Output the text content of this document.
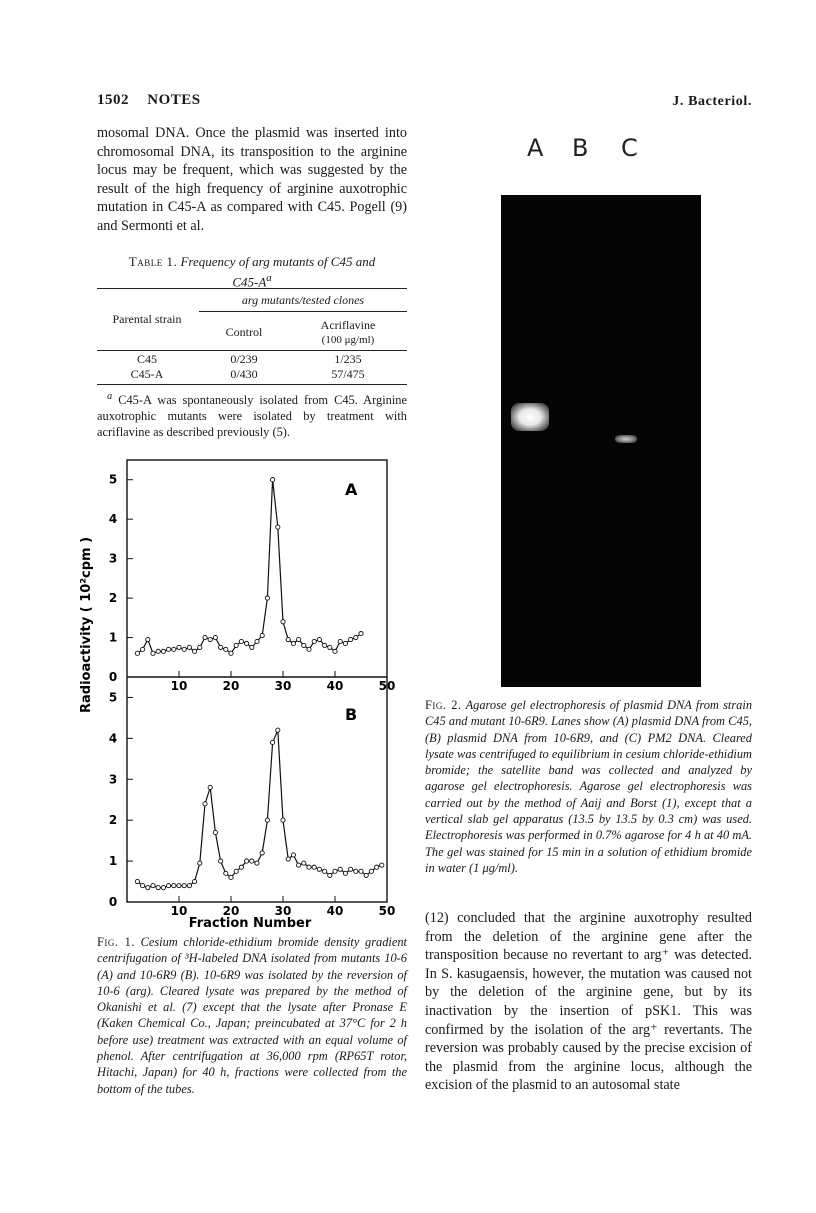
1502 NOTES	J. Bacteriol.

mosomal DNA. Once the plasmid was inserted into chromosomal DNA, its transposition to the arginine locus may be frequent, which was suggested by the result of the high frequency of arginine auxotrophic mutation in C45-A as compared with C45. Pogell (9) and Sermonti et al.

Table 1. Frequency of arg mutants of C45 and
$C45-A^a$
arg mutants/tested clones
Parental strain
Control	Acriflavine
(100 μg/ml)
C45	0/239	1/235
C45-A	0/430	57/475
$^a$ C45-A was spontaneously isolated from C45. Arginine auxotrophic mutants were isolated by treatment with acriflavine as described previously (5).
0
1
2
3
4
5
10	20	30	40	50
0
1
2
3
4
5
10	20	30	40	50
A
B
Radioactivity ( 10²cpm )
Fraction Number
Fig. 1. Cesium chloride-ethidium bromide density gradient centrifugation of ³H-labeled DNA isolated from mutants 10-6 (A) and 10-6R9 (B). 10-6R9 was isolated by the reversion of 10-6 (arg). Cleared lysate was prepared by the method of Okanishi et al. (7) except that the lysate after Pronase E (Kaken Chemical Co., Japan; preincubated at 37°C for 2 h before use) treatment was extracted with an equal volume of phenol. After centrifugation at 36,000 rpm (RP65T rotor, Hitachi, Japan) for 40 h, fractions were collected from the bottom of the tubes.
A B C
Fig. 2. Agarose gel electrophoresis of plasmid DNA from strain C45 and mutant 10-6R9. Lanes show (A) plasmid DNA from C45, (B) plasmid DNA from 10-6R9, and (C) PM2 DNA. Cleared lysate was centrifuged to equilibrium in cesium chloride-ethidium bromide; the satellite band was collected and analyzed by agarose gel electrophoresis. Agarose gel electrophoresis was carried out by the method of Aaij and Borst (1), except that a vertical slab gel apparatus (13.5 by 13.5 by 0.3 cm) was used. Electrophoresis was performed in 0.7% agarose for 4 h at 40 mA. The gel was stained for 15 min in a solution of ethidium bromide in water (1 μg/ml).

(12) concluded that the arginine auxotrophy resulted from the deletion of the arginine gene after the transposition because no revertant to arg⁺ was detected. In S. kasugaensis, however, the mutation was caused not by the deletion of the arginine gene, but by its inactivation by the insertion of pSK1. This was confirmed by the isolation of the arg⁺ revertants. The reversion was probably caused by the precise excision of the plasmid from the arginine locus, although the excision of the plasmid to an autosomal state
